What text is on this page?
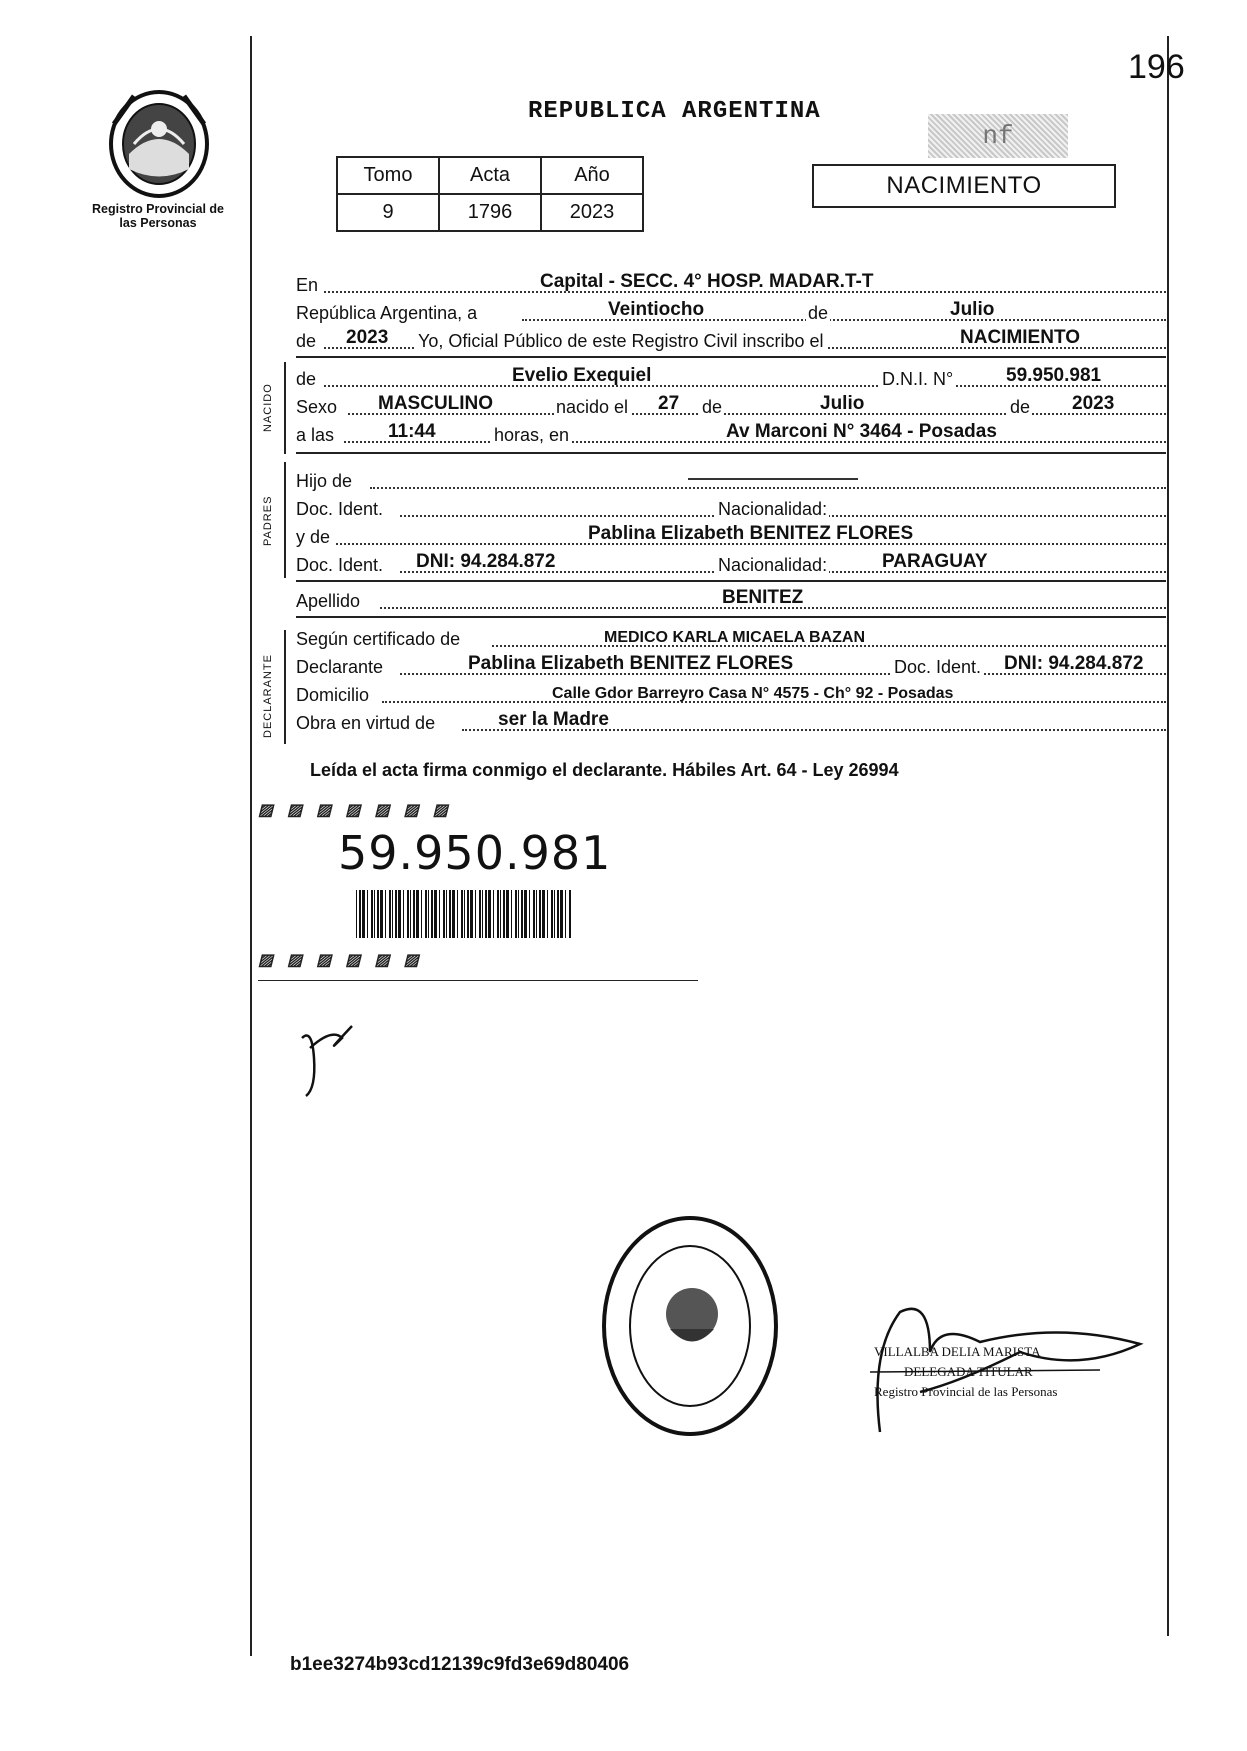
196
Registro Provincial de las Personas
REPUBLICA ARGENTINA
nf
Tomo	Acta	Año
9	1796	2023
NACIMIENTO
En	Capital - SECC. 4° HOSP. MADAR.T-T
República Argentina, a	Veintiocho	de	Julio
de 2023 Yo, Oficial Público de este Registro Civil inscribo el	NACIMIENTO
NACIDO
de	Evelio Exequiel	D.N.I. N°	59.950.981
Sexo MASCULINO	nacido el 27 de	Julio	de 2023
a las	11:44	horas, en	Av Marconi N° 3464 - Posadas
PADRES
Hijo de
Doc. Ident.	Nacionalidad:
y de	Pablina Elizabeth BENITEZ FLORES
Doc. Ident. DNI: 94.284.872	Nacionalidad:	PARAGUAY
Apellido	BENITEZ
DECLARANTE
Según certificado de	MEDICO KARLA MICAELA BAZAN
Declarante	Pablina Elizabeth BENITEZ FLORES	Doc. Ident. DNI: 94.284.872
Domicilio	Calle Gdor Barreyro Casa N° 4575 - Ch° 92 - Posadas
Obra en virtud de	ser la Madre
Leída el acta firma conmigo el declarante. Hábiles Art. 64 - Ley 26994
▨▨▨▨▨▨▨
59.950.981
▨▨▨▨▨▨
VILLALBA DELIA MARISTA
DELEGADA TITULAR
Registro Provincial de las Personas
b1ee3274b93cd12139c9fd3e69d80406
